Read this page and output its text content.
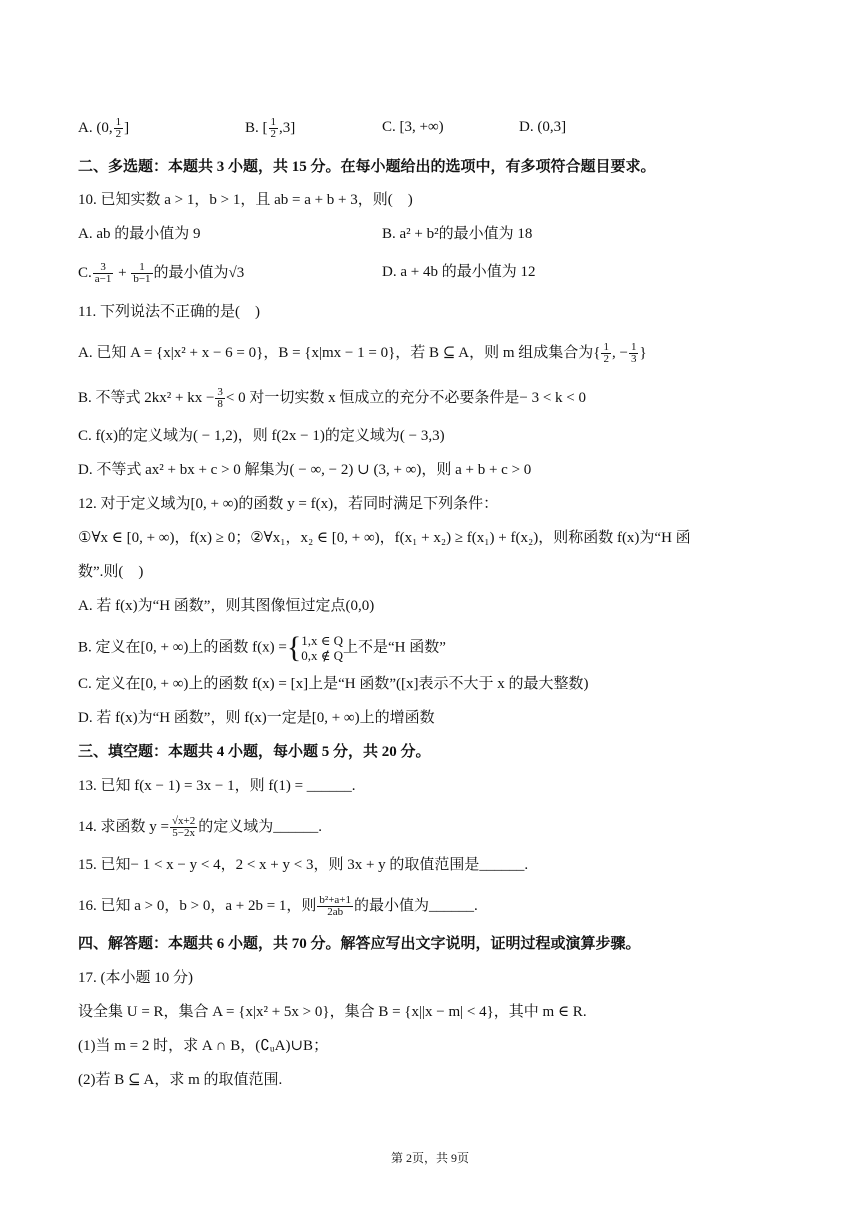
A. (0, $\frac{1}{2}$ ]	B. [ $\frac{1}{2} ,3$]	C. [3, +∞)	D. (0,3]
二、多选题：本题共 3 小题，共 15 分。在每小题给出的选项中，有多项符合题目要求。
10. 已知实数 a > 1，b > 1，且 ab = a + b + 3，则(　)
A. ab 的最小值为 9	B. a² + b²的最小值为 18
C. $\frac{3}{a-1} + \frac{1}{b-1}$ 的最小值为√3	D. a + 4b 的最小值为 12
11. 下列说法不正确的是(　)
A. 已知 A = {x|x² + x − 6 = 0}，B = {x|mx − 1 = 0}，若 B ⊆ A，则 m 组成集合为{ $\frac{1}{2}$ , − $\frac{1}{3}$ }
B. 不等式 2kx² + kx − $\frac{3}{8} < 0$ 对一切实数 x 恒成立的充分不必要条件是− 3 < k < 0
C. f(x)的定义域为( − 1,2)，则 f(2x − 1)的定义域为( − 3,3)
D. 不等式 ax² + bx + c > 0 解集为( − ∞, − 2) ∪ (3, + ∞)，则 a + b + c > 0
12. 对于定义域为[0, + ∞)的函数 y = f(x)，若同时满足下列条件：
①∀x ∈ [0, + ∞)，f(x) ≥ 0；②∀x₁，x₂ ∈ [0, + ∞)，f(x₁ + x₂) ≥ f(x₁) + f(x₂)，则称函数 f(x)为“H 函
数”.则(　)
A. 若 f(x)为“H 函数”，则其图像恒过定点(0,0)
B. 定义在[0, + ∞)上的函数 f(x) ={ 1,x ∈ Q
0,x ∉ Q
上不是“H 函数”
C. 定义在[0, + ∞)上的函数 f(x) = [x]上是“H 函数”([x]表示不大于 x 的最大整数)
D. 若 f(x)为“H 函数”，则 f(x)一定是[0, + ∞)上的增函数
三、填空题：本题共 4 小题，每小题 5 分，共 20 分。
13. 已知 f(x − 1) = 3x − 1，则 f(1) = ______.
14. 求函数 $y = \frac{√x+2}{5-2x}$ 的定义域为______.
15. 已知− 1 < x − y < 4，2 < x + y < 3，则 3x + y 的取值范围是______.
16. 已知 a > 0，b > 0，a + 2b = 1，则 $\frac{\text{b²+a+1}}{2ab}$ 的最小值为______.
四、解答题：本题共 6 小题，共 70 分。解答应写出文字说明，证明过程或演算步骤。
17. (本小题 10 分)
设全集 U = R，集合 A = {x|x² + 5x > 0}，集合 B = {x||x − m| < 4}，其中 m ∈ R.
(1)当 m = 2 时，求 A ∩ B，(∁ᵤA)∪B；
(2)若 B ⊆ A，求 m 的取值范围.
第 2页，共 9页
